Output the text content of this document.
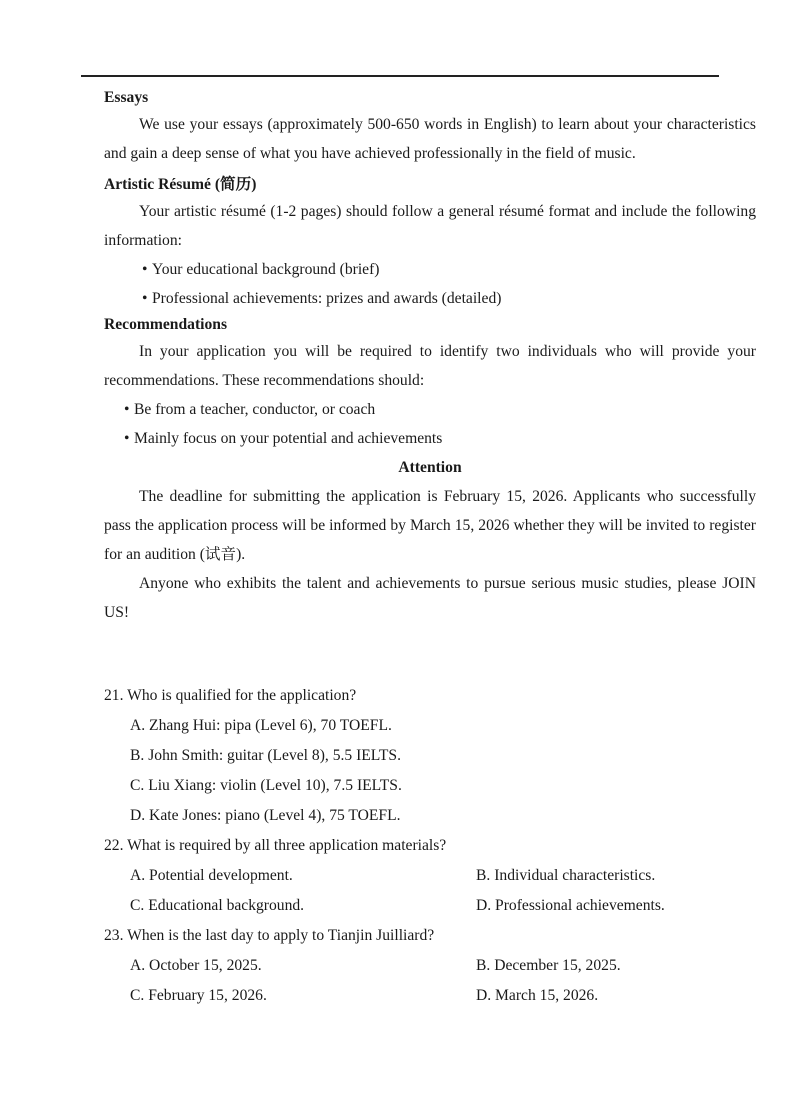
Essays

We use your essays (approximately 500-650 words in English) to learn about your characteristics and gain a deep sense of what you have achieved professionally in the field of music.

Artistic Résumé (简历)

Your artistic résumé (1-2 pages) should follow a general résumé format and include the following information:

• Your educational background (brief)

• Professional achievements: prizes and awards (detailed)

Recommendations

In your application you will be required to identify two individuals who will provide your recommendations. These recommendations should:

• Be from a teacher, conductor, or coach

• Mainly focus on your potential and achievements

Attention

The deadline for submitting the application is February 15, 2026. Applicants who successfully pass the application process will be informed by March 15, 2026 whether they will be invited to register for an audition (试音).

Anyone who exhibits the talent and achievements to pursue serious music studies, please JOIN US!

21. Who is qualified for the application?

A. Zhang Hui: pipa (Level 6), 70 TOEFL.

B. John Smith: guitar (Level 8), 5.5 IELTS.

C. Liu Xiang: violin (Level 10), 7.5 IELTS.

D. Kate Jones: piano (Level 4), 75 TOEFL.

22. What is required by all three application materials?

A. Potential development.	B. Individual characteristics.
C. Educational background.	D. Professional achievements.

23. When is the last day to apply to Tianjin Juilliard?

A. October 15, 2025.	B. December 15, 2025.
C. February 15, 2026.	D. March 15, 2026.
